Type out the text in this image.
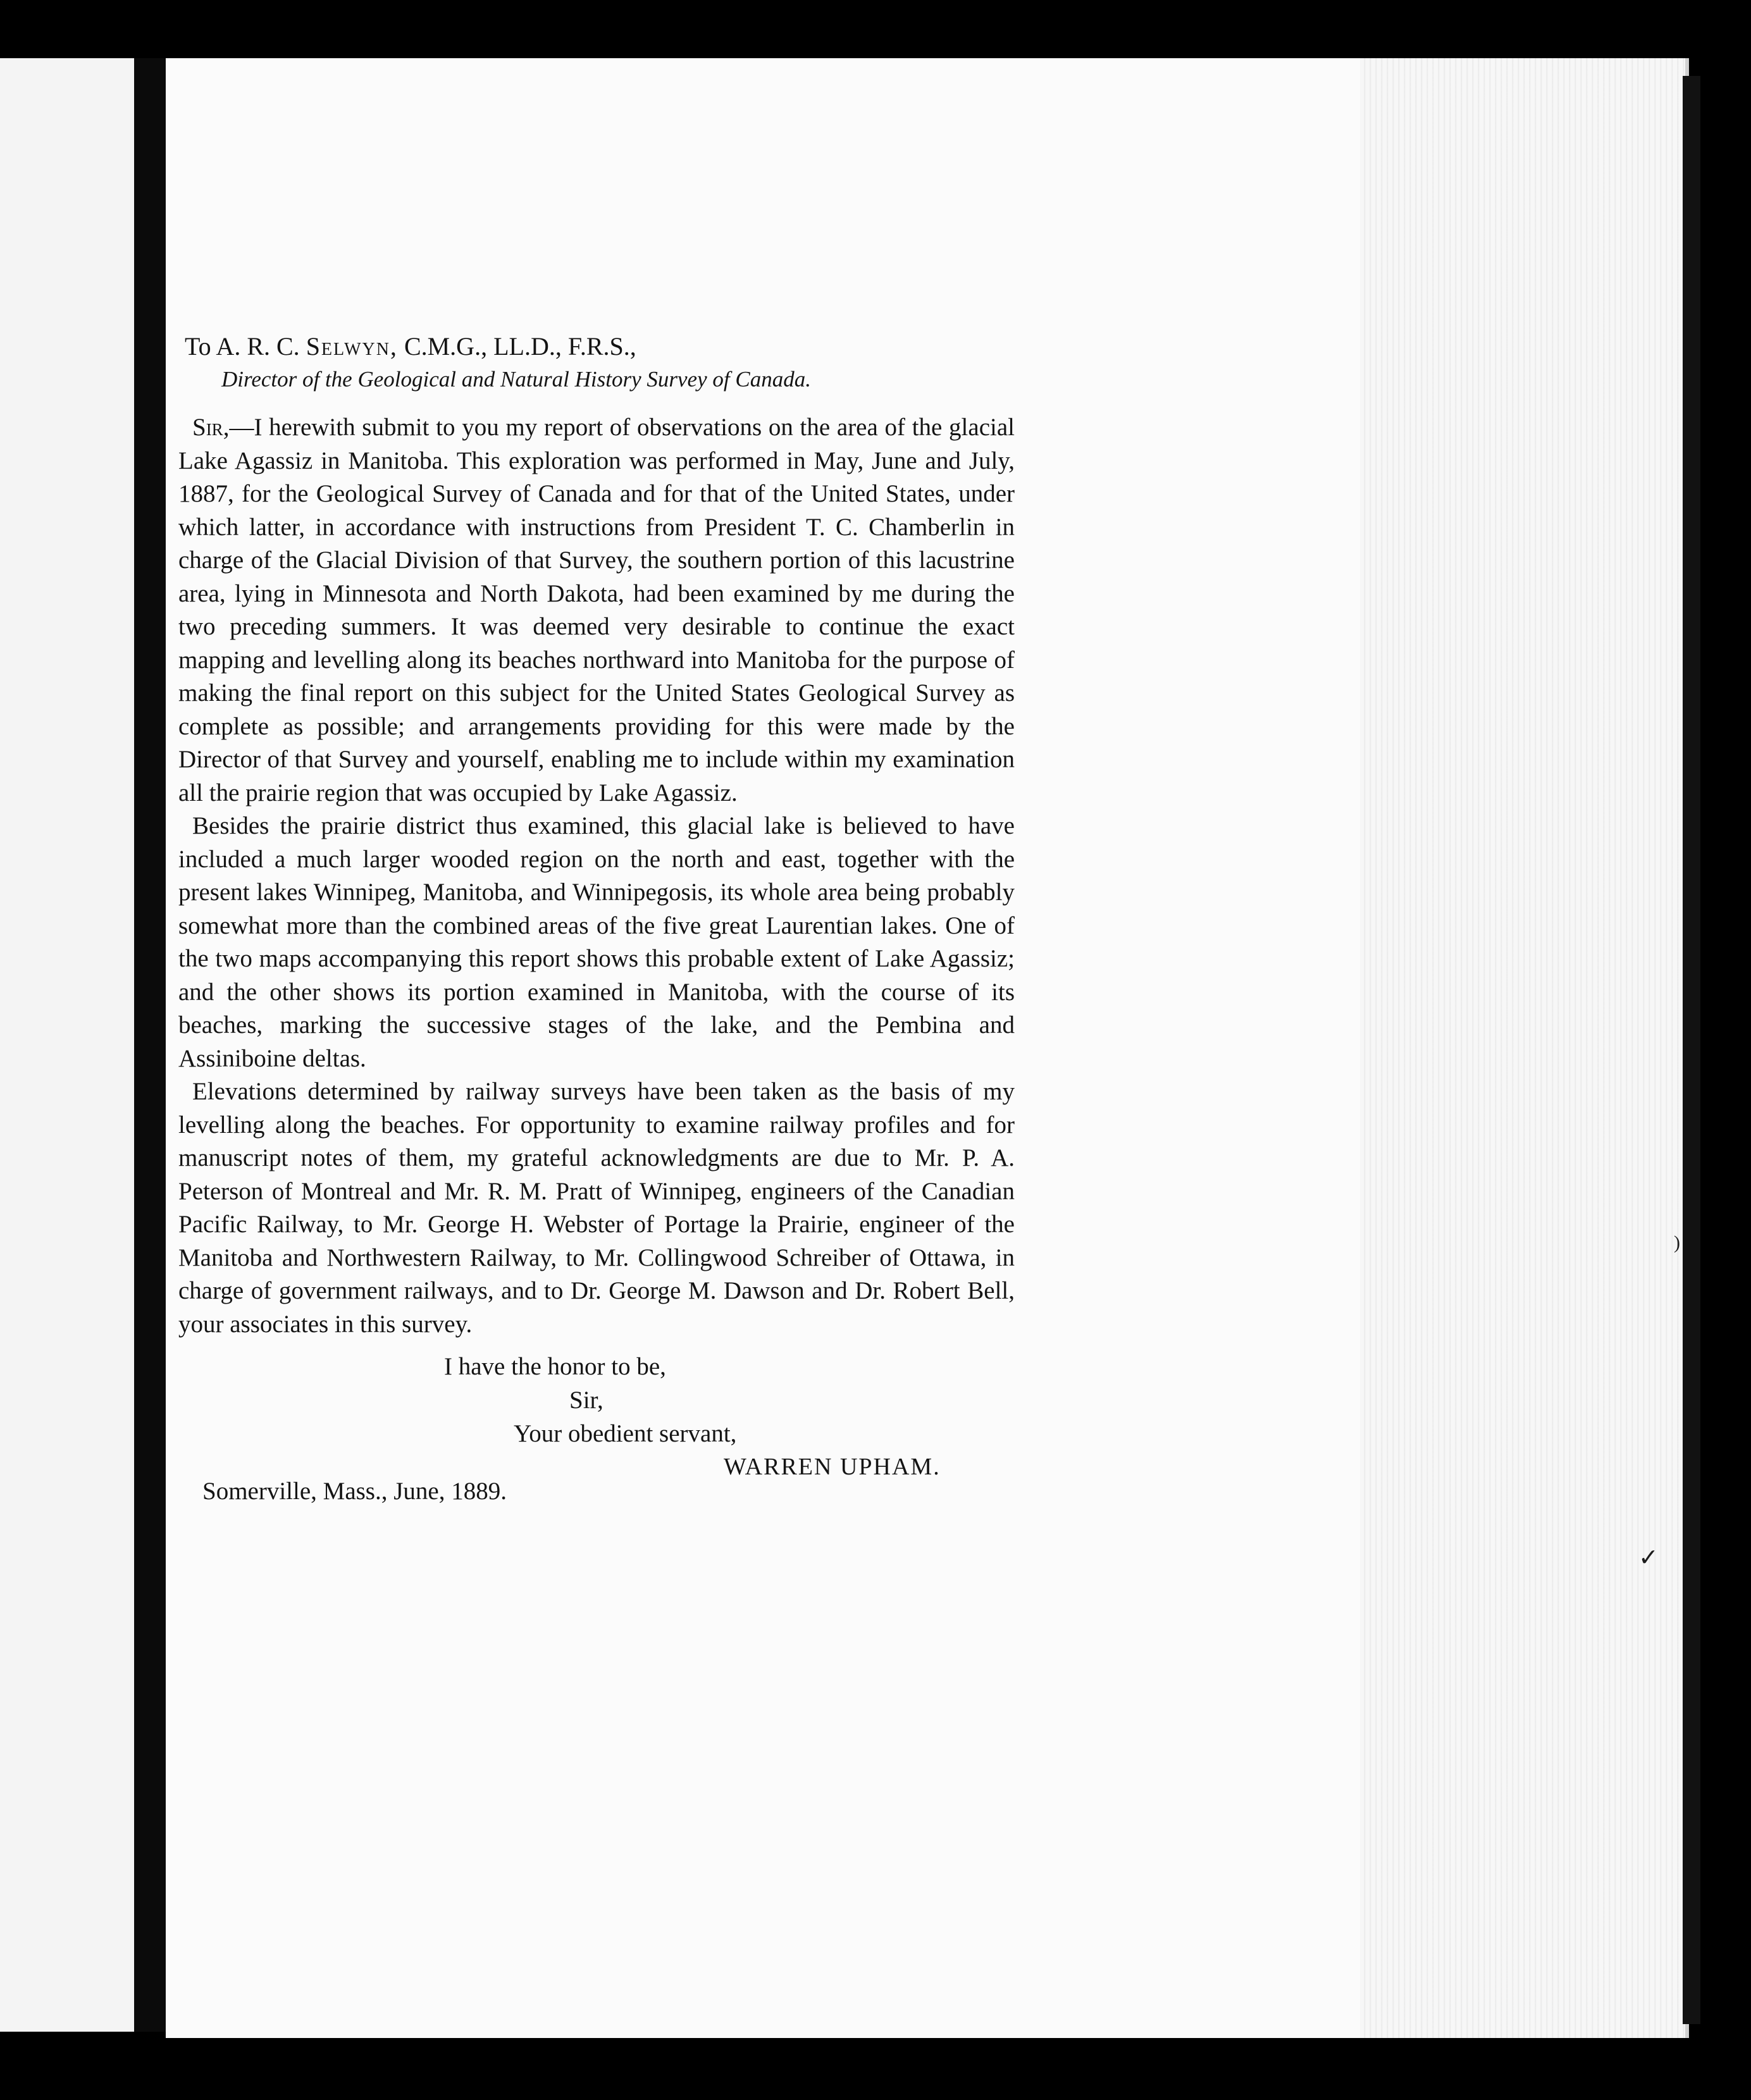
)
✓
To A. R. C. Selwyn, C.M.G., LL.D., F.R.S.,
Director of the Geological and Natural History Survey of Canada.

Sir,—I herewith submit to you my report of observations on the area of the glacial Lake Agassiz in Manitoba. This exploration was performed in May, June and July, 1887, for the Geological Survey of Canada and for that of the United States, under which latter, in accordance with instructions from President T. C. Chamberlin in charge of the Glacial Division of that Survey, the southern portion of this lacustrine area, lying in Minnesota and North Dakota, had been examined by me during the two preceding summers. It was deemed very desirable to continue the exact mapping and levelling along its beaches northward into Manitoba for the purpose of making the final report on this subject for the United States Geological Survey as complete as possible; and arrangements providing for this were made by the Director of that Survey and yourself, enabling me to include within my examination all the prairie region that was occupied by Lake Agassiz.

Besides the prairie district thus examined, this glacial lake is believed to have included a much larger wooded region on the north and east, together with the present lakes Winnipeg, Manitoba, and Winnipegosis, its whole area being probably somewhat more than the combined areas of the five great Laurentian lakes. One of the two maps accompanying this report shows this probable extent of Lake Agassiz; and the other shows its portion examined in Manitoba, with the course of its beaches, marking the successive stages of the lake, and the Pembina and Assiniboine deltas.

Elevations determined by railway surveys have been taken as the basis of my levelling along the beaches. For opportunity to examine railway profiles and for manuscript notes of them, my grateful acknowledgments are due to Mr. P. A. Peterson of Montreal and Mr. R. M. Pratt of Winnipeg, engineers of the Canadian Pacific Railway, to Mr. George H. Webster of Portage la Prairie, engineer of the Manitoba and Northwestern Railway, to Mr. Collingwood Schreiber of Ottawa, in charge of government railways, and to Dr. George M. Dawson and Dr. Robert Bell, your associates in this survey.

I have the honor to be,
Sir,
Your obedient servant,
WARREN UPHAM.
Somerville, Mass., June, 1889.
